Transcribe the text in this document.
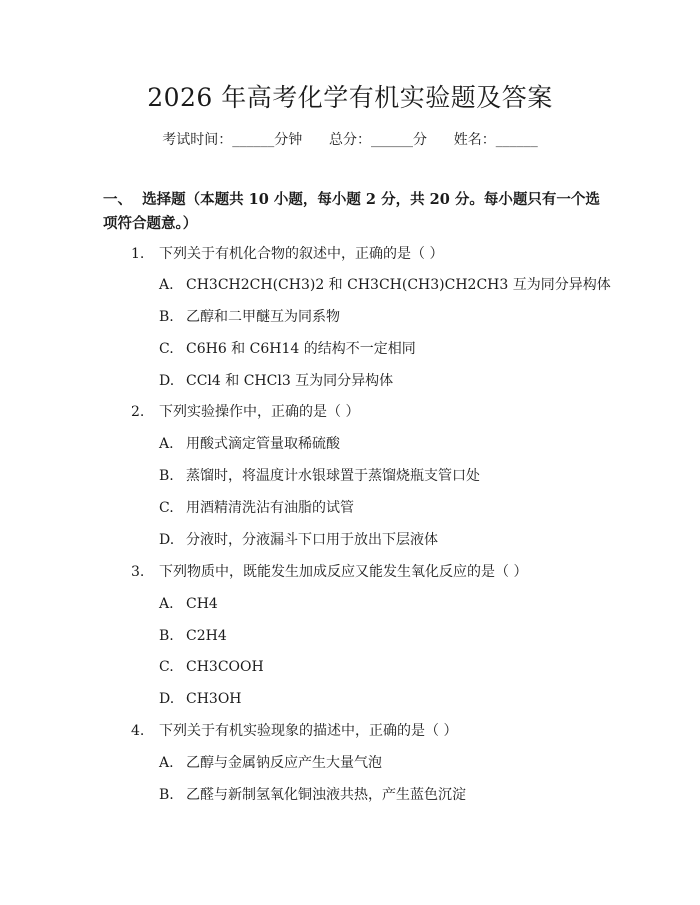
2026 年高考化学有机实验题及答案
考试时间：______分钟 总分：______分 姓名：______
一、 选择题（本题共 10 小题，每小题 2 分，共 20 分。每小题只有一个选项符合题意。）
1. 下列关于有机化合物的叙述中，正确的是（ ）
A. CH3CH2CH(CH3)2 和 CH3CH(CH3)CH2CH3 互为同分异构体
B. 乙醇和二甲醚互为同系物
C. C6H6 和 C6H14 的结构不一定相同
D. CCl4 和 CHCl3 互为同分异构体
2. 下列实验操作中，正确的是（ ）
A. 用酸式滴定管量取稀硫酸
B. 蒸馏时，将温度计水银球置于蒸馏烧瓶支管口处
C. 用酒精清洗沾有油脂的试管
D. 分液时，分液漏斗下口用于放出下层液体
3. 下列物质中，既能发生加成反应又能发生氧化反应的是（ ）
A. CH4
B. C2H4
C. CH3COOH
D. CH3OH
4. 下列关于有机实验现象的描述中，正确的是（ ）
A. 乙醇与金属钠反应产生大量气泡
B. 乙醛与新制氢氧化铜浊液共热，产生蓝色沉淀
